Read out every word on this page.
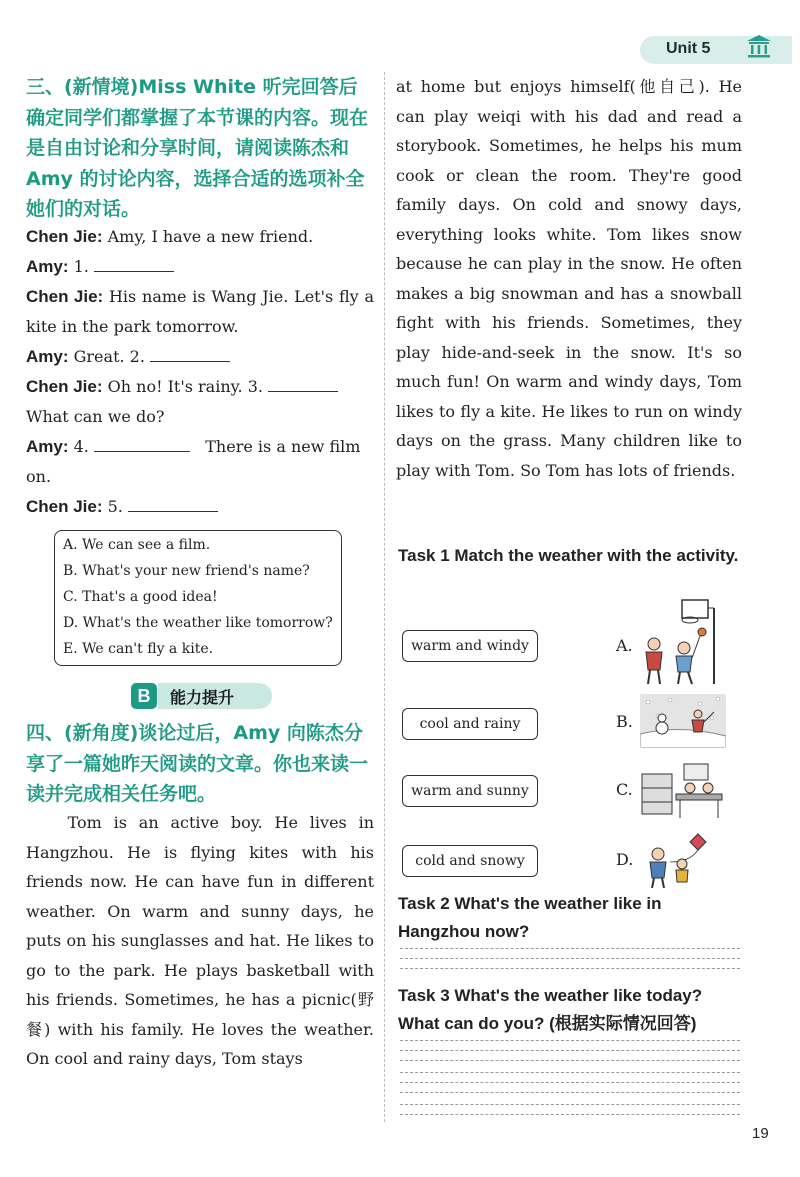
Unit 5
三、(新情境)Miss White 听完回答后确定同学们都掌握了本节课的内容。现在是自由讨论和分享时间，请阅读陈杰和 Amy 的讨论内容，选择合适的选项补全她们的对话。
Chen Jie: Amy, I have a new friend.
Amy: 1.
Chen Jie: His name is Wang Jie. Let's fly a kite in the park tomorrow.
Amy: Great. 2.
Chen Jie: Oh no! It's rainy. 3.
What can we do?
Amy: 4.	There is a new film on.
Chen Jie: 5.
A. We can see a film.
B. What's your new friend's name?
C. That's a good idea!
D. What's the weather like tomorrow?
E. We can't fly a kite.
B	能力提升
四、(新角度)谈论过后，Amy 向陈杰分享了一篇她昨天阅读的文章。你也来读一读并完成相关任务吧。
Tom is an active boy. He lives in Hangzhou. He is flying kites with his friends now. He can have fun in different weather. On warm and sunny days, he puts on his sunglasses and hat. He likes to go to the park. He plays basketball with his friends. Sometimes, he has a picnic(野餐) with his family. He loves the weather. On cool and rainy days, Tom stays
at home but enjoys himself(他自己). He can play weiqi with his dad and read a storybook. Sometimes, he helps his mum cook or clean the room. They're good family days. On cold and snowy days, everything looks white. Tom likes snow because he can play in the snow. He often makes a big snowman and has a snowball fight with his friends. Sometimes, they play hide-and-seek in the snow. It's so much fun! On warm and windy days, Tom likes to fly a kite. He likes to run on windy days on the grass. Many children like to play with Tom. So Tom has lots of friends.
Task 1 Match the weather with the activity.
warm and windy
cool and rainy
warm and sunny
cold and snowy
A.
B.
C.
D.
Task 2 What's the weather like in Hangzhou now?
Task 3 What's the weather like today? What can do you? (根据实际情况回答)
19
